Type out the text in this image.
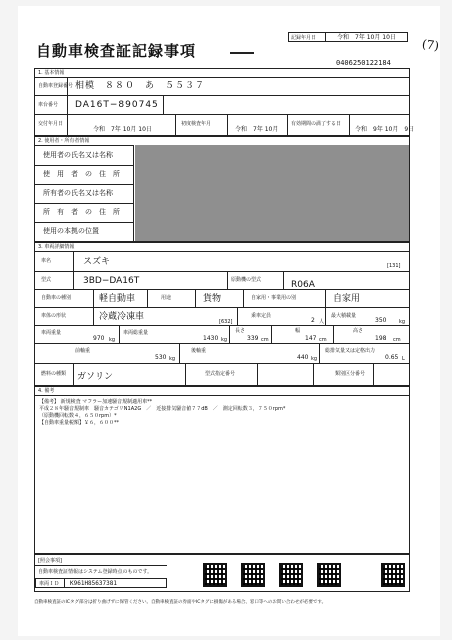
記録年月日	令和　7年 10月 10日 (7)
自動車検査証記録事項
0406250122184
1. 基本情報
自動車登録番号 相模　８８０　あ　５５３７
車台番号 DA16T−890745
交付年月日
令和　7年 10月 10日
初度検査年月
令和　7年 10月
有効期間の満了する日
令和　9年 10月　9日
2. 使用者・所有者情報
使用者の氏名又は名称
使　用　者　の　住　所
所有者の氏名又は名称
所　有　者　の　住　所
使用の本拠の位置
3. 車両詳細情報
車名	スズキ	[131]
型式	3BD−DA16T	原動機の型式	R06A
自動車の種別	軽自動車	用途	貨物	自家用・事業用の別	自家用
車体の形状	冷蔵冷凍車	[632]
乗車定員
2 人
最大積載量
350	kg
車両重量
970 kg
車両総重量
1430 kg
長さ
339 cm
幅
147 cm
高さ
198 cm
前軸重
530 kg
後軸重
440 kg
総排気量又は定格出力
0.65 L
燃料の種類 ガソリン	型式指定番号	類別区分番号
4. 備考
【備考】 新規検査 マフラー加速騒音規制適用車**
平成２８年騒音規制車　騒音カテゴリN1A2G　／　近接排気騒音値７７dB　／　測定回転数３，７５０rpm*
（原動機回転数４，６５０rpm）*
【自動車重量税額】￥６，６００**
[照会事項]
自動車検査証情報はシステム登録時点のものです。
車両ＩＤ K961H85637381
自動車検査証のICタグ部分は折り曲げずに保管ください。自動車検査証の券面やICタグに損傷がある場合、窓口等へのお問い合わせが必要です。
